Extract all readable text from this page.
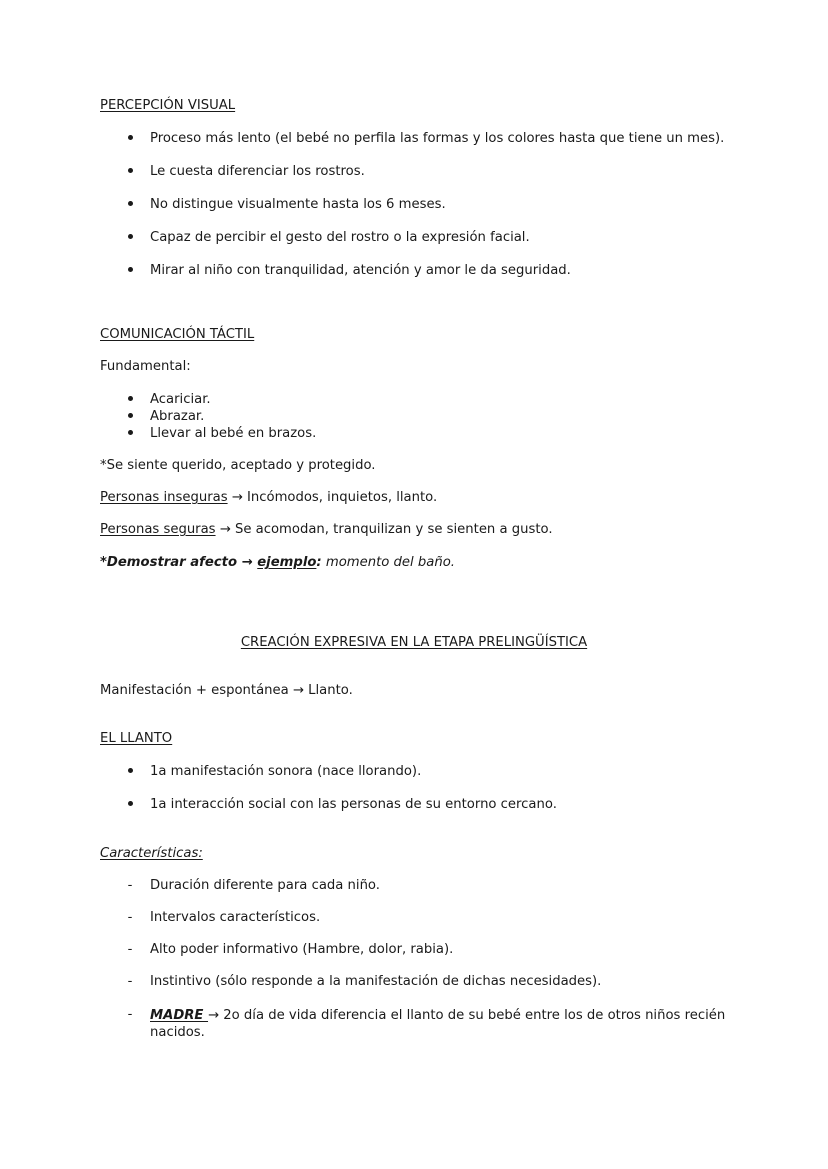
PERCEPCIÓN VISUAL
Proceso más lento (el bebé no perfila las formas y los colores hasta que tiene un mes).
Le cuesta diferenciar los rostros.
No distingue visualmente hasta los 6 meses.
Capaz de percibir el gesto del rostro o la expresión facial.
Mirar al niño con tranquilidad, atención y amor le da seguridad.
COMUNICACIÓN TÁCTIL
Fundamental:
Acariciar.
Abrazar.
Llevar al bebé en brazos.
*Se siente querido, aceptado y protegido.
Personas inseguras → Incómodos, inquietos, llanto.
Personas seguras → Se acomodan, tranquilizan y se sienten a gusto.
*Demostrar afecto → ejemplo: momento del baño.
CREACIÓN EXPRESIVA EN LA ETAPA PRELINGÜÍSTICA
Manifestación + espontánea → Llanto.
EL LLANTO
1a manifestación sonora (nace llorando).
1a interacción social con las personas de su entorno cercano.
Características:
- Duración diferente para cada niño.
- Intervalos característicos.
- Alto poder informativo (Hambre, dolor, rabia).
- Instintivo (sólo responde a la manifestación de dichas necesidades).
- MADRE → 2o día de vida diferencia el llanto de su bebé entre los de otros niños recién nacidos.
